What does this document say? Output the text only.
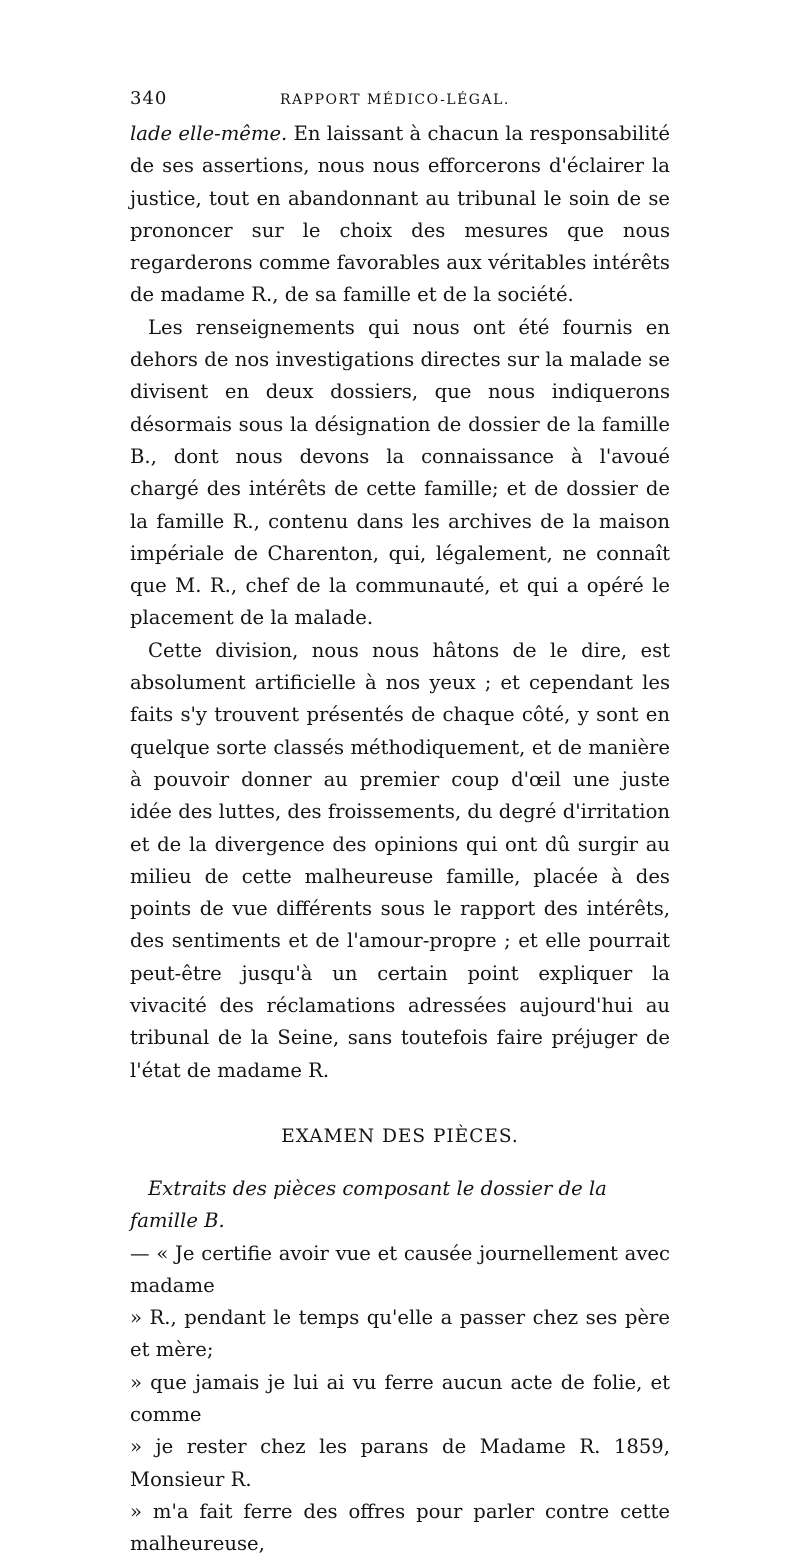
340	RAPPORT MÉDICO-LÉGAL.

lade elle-même. En laissant à chacun la responsabilité de ses assertions, nous nous efforcerons d'éclairer la justice, tout en abandonnant au tribunal le soin de se prononcer sur le choix des mesures que nous regarderons comme favorables aux véritables intérêts de madame R., de sa famille et de la société.

Les renseignements qui nous ont été fournis en dehors de nos investigations directes sur la malade se divisent en deux dossiers, que nous indiquerons désormais sous la désignation de dossier de la famille B., dont nous devons la connaissance à l'avoué chargé des intérêts de cette famille; et de dossier de la famille R., contenu dans les archives de la maison impériale de Charenton, qui, légalement, ne connaît que M. R., chef de la communauté, et qui a opéré le placement de la malade.

Cette division, nous nous hâtons de le dire, est absolument artificielle à nos yeux ; et cependant les faits s'y trouvent présentés de chaque côté, y sont en quelque sorte classés méthodiquement, et de manière à pouvoir donner au premier coup d'œil une juste idée des luttes, des froissements, du degré d'irritation et de la divergence des opinions qui ont dû surgir au milieu de cette malheureuse famille, placée à des points de vue différents sous le rapport des intérêts, des sentiments et de l'amour-propre ; et elle pourrait peut-être jusqu'à un certain point expliquer la vivacité des réclamations adressées aujourd'hui au tribunal de la Seine, sans toutefois faire préjuger de l'état de madame R.

EXAMEN DES PIÈCES.

Extraits des pièces composant le dossier de la famille B.

— « Je certifie avoir vue et causée journellement avec madame

» R., pendant le temps qu'elle a passer chez ses père et mère;

» que jamais je lui ai vu ferre aucun acte de folie, et comme

» je rester chez les parans de Madame R. 1859, Monsieur R.

» m'a fait ferre des offres pour parler contre cette malheureuse,
